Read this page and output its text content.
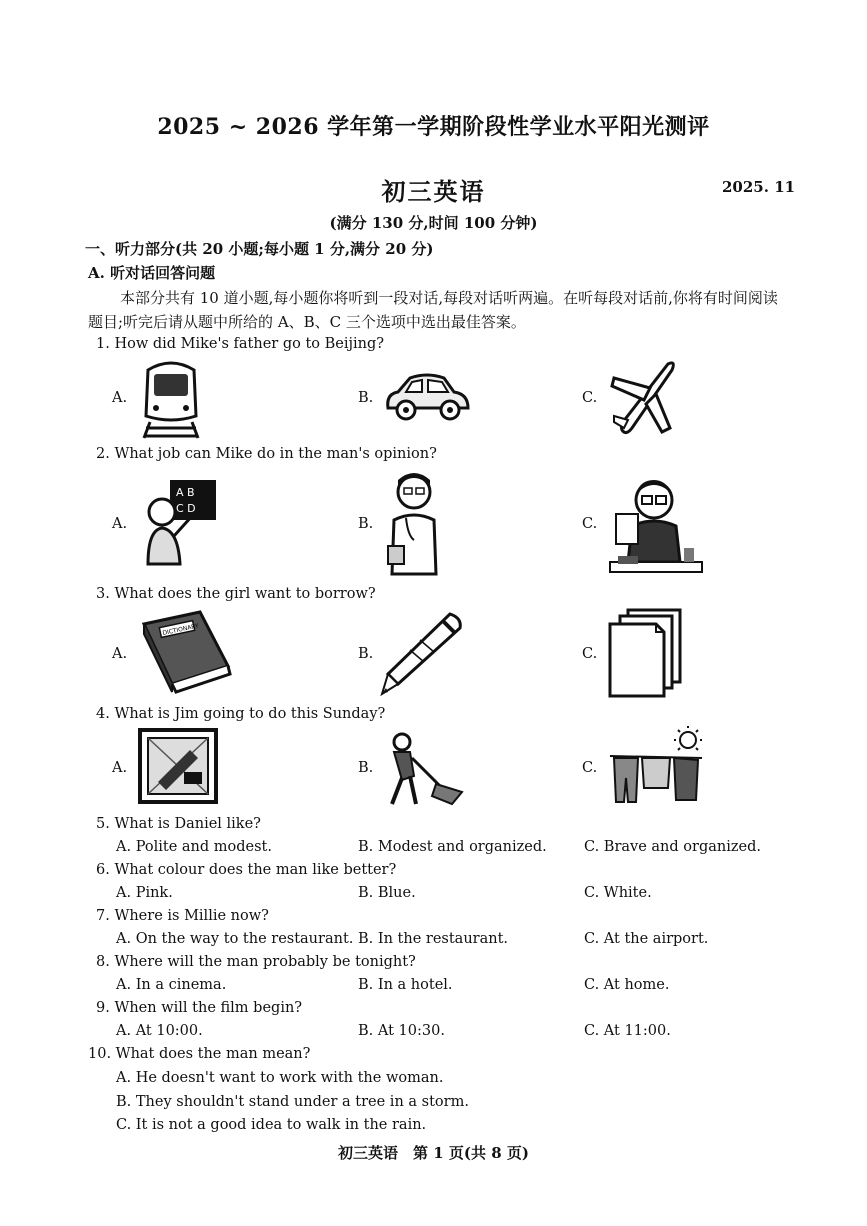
2025 ~ 2026 学年第一学期阶段性学业水平阳光测评
初三英语	2025. 11
(满分 130 分,时间 100 分钟)
一、听力部分(共 20 小题;每小题 1 分,满分 20 分)
A. 听对话回答问题
本部分共有 10 道小题,每小题你将听到一段对话,每段对话听两遍。在听每段对话前,你将有时间阅读题目;听完后请从题中所给的 A、B、C 三个选项中选出最佳答案。
1. How did Mike's father go to Beijing?
A.	B.	C.
2. What job can Mike do in the man's opinion?
A.	B.	C.
A B
C D
3. What does the girl want to borrow?
A.	B.	C.
DICTIONARY
4. What is Jim going to do this Sunday?
A.	B.	C.
5. What is Daniel like?
A. Polite and modest.	B. Modest and organized.	C. Brave and organized.
6. What colour does the man like better?
A. Pink.	B. Blue.	C. White.
7. Where is Millie now?
A. On the way to the restaurant. B. In the restaurant.	C. At the airport.
8. Where will the man probably be tonight?
A. In a cinema.	B. In a hotel.	C. At home.
9. When will the film begin?
A. At 10:00.	B. At 10:30.	C. At 11:00.
10. What does the man mean?
A. He doesn't want to work with the woman.
B. They shouldn't stand under a tree in a storm.
C. It is not a good idea to walk in the rain.
初三英语　第 1 页(共 8 页)
